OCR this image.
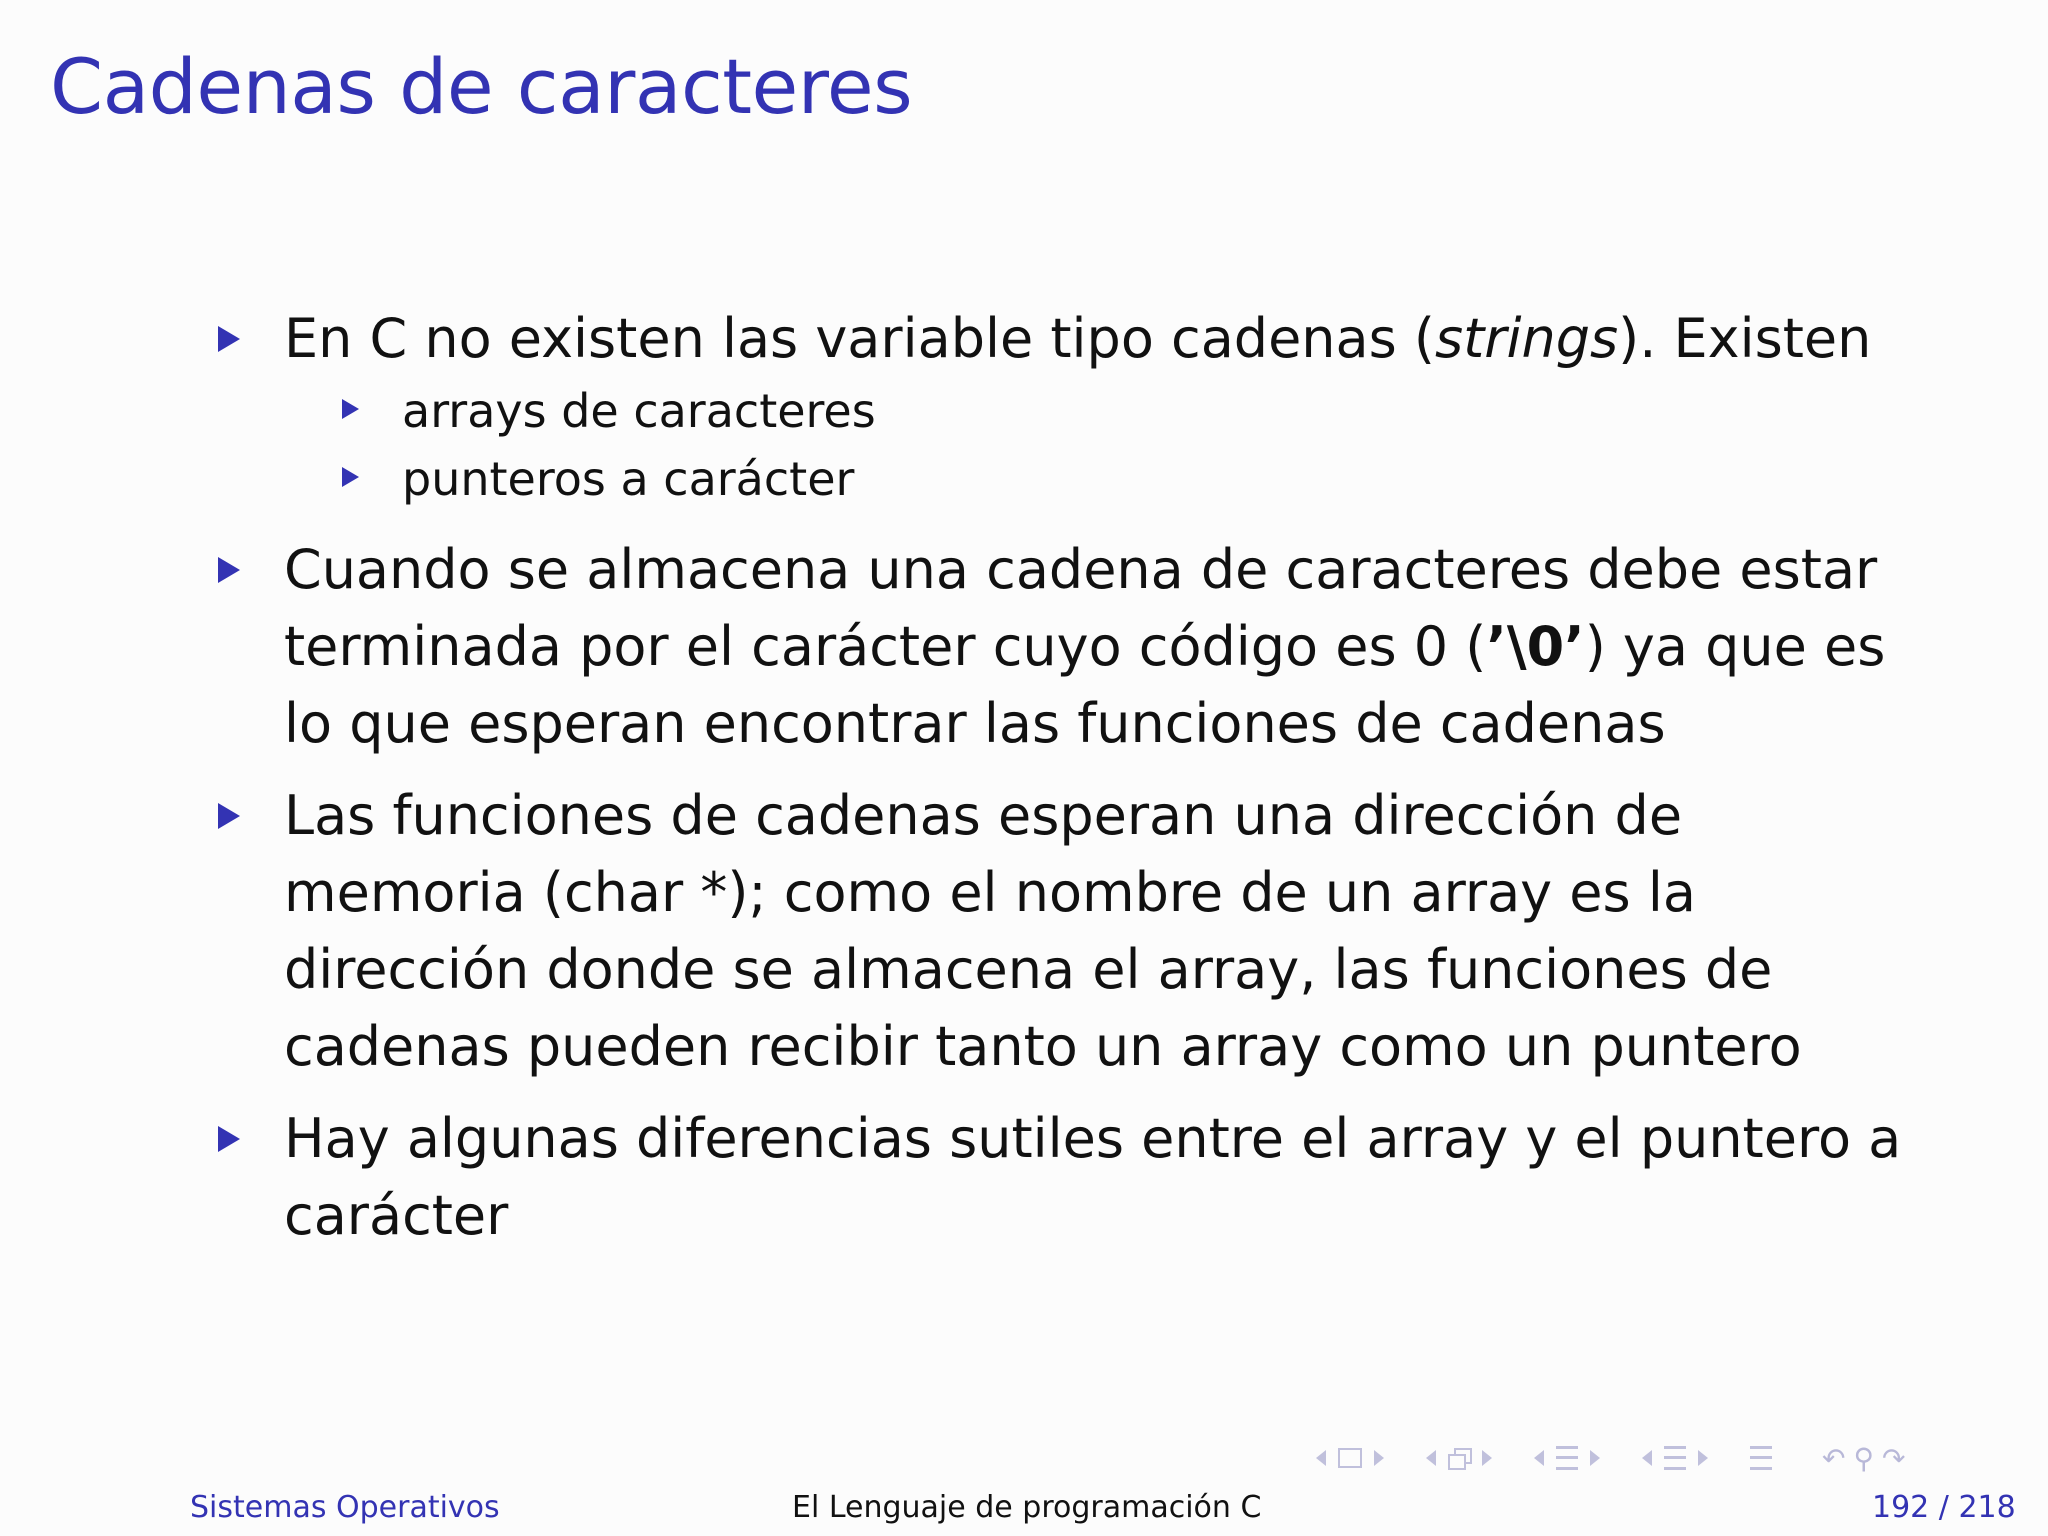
Cadenas de caracteres
En C no existen las variable tipo cadenas (strings). Existen
arrays de caracteres
punteros a carácter
Cuando se almacena una cadena de caracteres debe estar terminada por el carácter cuyo código es 0 (’\0’) ya que es lo que esperan encontrar las funciones de cadenas
Las funciones de cadenas esperan una dirección de memoria (char *); como el nombre de un array es la dirección donde se almacena el array, las funciones de cadenas pueden recibir tanto un array como un puntero
Hay algunas diferencias sutiles entre el array y el puntero a carácter
↶ ⚲ ↷
Sistemas Operativos	El Lenguaje de programación C	192 / 218
